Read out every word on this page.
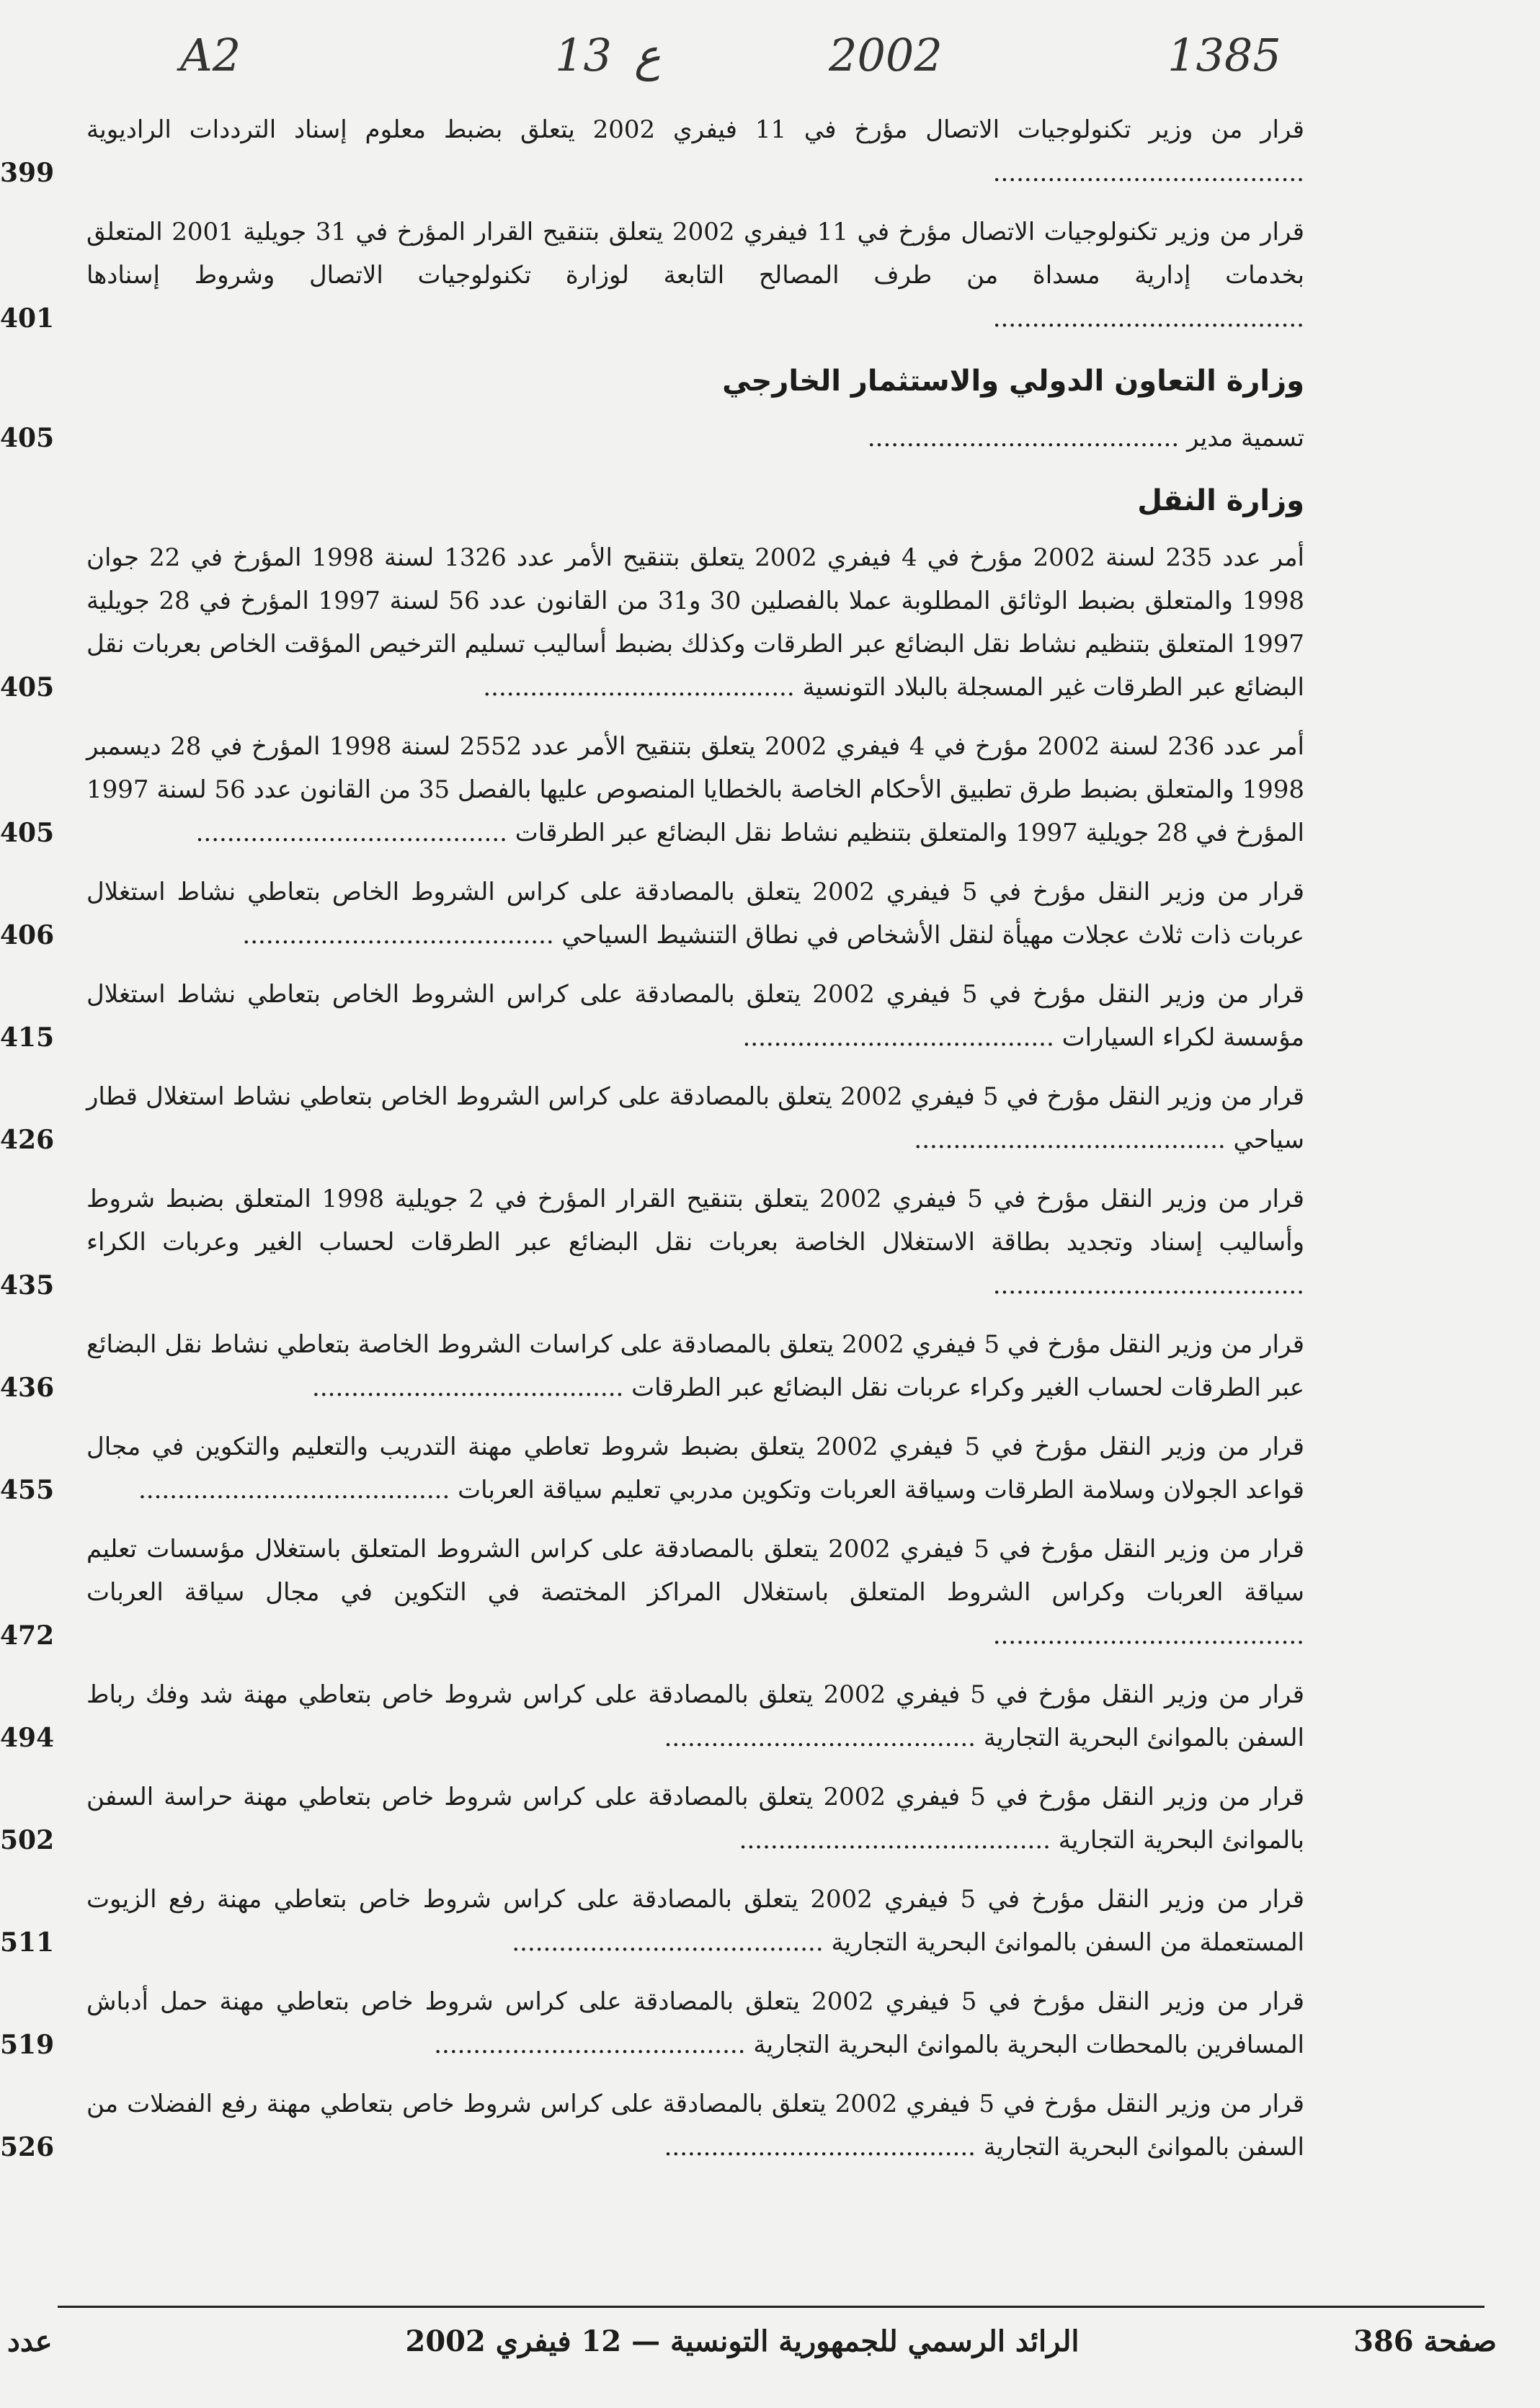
A2	13 ع	2002	1385
قرار من وزير تكنولوجيات الاتصال مؤرخ في 11 فيفري 2002 يتعلق بضبط معلوم إسناد الترددات الراديوية ........................................
399
قرار من وزير تكنولوجيات الاتصال مؤرخ في 11 فيفري 2002 يتعلق بتنقيح القرار المؤرخ في 31 جويلية 2001 المتعلق بخدمات إدارية مسداة من طرف المصالح التابعة لوزارة تكنولوجيات الاتصال وشروط إسنادها ........................................
401
وزارة التعاون الدولي والاستثمار الخارجي
تسمية مدير ........................................
405
وزارة النقل
أمر عدد 235 لسنة 2002 مؤرخ في 4 فيفري 2002 يتعلق بتنقيح الأمر عدد 1326 لسنة 1998 المؤرخ في 22 جوان 1998 والمتعلق بضبط الوثائق المطلوبة عملا بالفصلين 30 و31 من القانون عدد 56 لسنة 1997 المؤرخ في 28 جويلية 1997 المتعلق بتنظيم نشاط نقل البضائع عبر الطرقات وكذلك بضبط أساليب تسليم الترخيص المؤقت الخاص بعربات نقل البضائع عبر الطرقات غير المسجلة بالبلاد التونسية ........................................
405
أمر عدد 236 لسنة 2002 مؤرخ في 4 فيفري 2002 يتعلق بتنقيح الأمر عدد 2552 لسنة 1998 المؤرخ في 28 ديسمبر 1998 والمتعلق بضبط طرق تطبيق الأحكام الخاصة بالخطايا المنصوص عليها بالفصل 35 من القانون عدد 56 لسنة 1997 المؤرخ في 28 جويلية 1997 والمتعلق بتنظيم نشاط نقل البضائع عبر الطرقات ........................................
405
قرار من وزير النقل مؤرخ في 5 فيفري 2002 يتعلق بالمصادقة على كراس الشروط الخاص بتعاطي نشاط استغلال عربات ذات ثلاث عجلات مهيأة لنقل الأشخاص في نطاق التنشيط السياحي ........................................
406
قرار من وزير النقل مؤرخ في 5 فيفري 2002 يتعلق بالمصادقة على كراس الشروط الخاص بتعاطي نشاط استغلال مؤسسة لكراء السيارات ........................................
415
قرار من وزير النقل مؤرخ في 5 فيفري 2002 يتعلق بالمصادقة على كراس الشروط الخاص بتعاطي نشاط استغلال قطار سياحي ........................................
426
قرار من وزير النقل مؤرخ في 5 فيفري 2002 يتعلق بتنقيح القرار المؤرخ في 2 جويلية 1998 المتعلق بضبط شروط وأساليب إسناد وتجديد بطاقة الاستغلال الخاصة بعربات نقل البضائع عبر الطرقات لحساب الغير وعربات الكراء ........................................
435
قرار من وزير النقل مؤرخ في 5 فيفري 2002 يتعلق بالمصادقة على كراسات الشروط الخاصة بتعاطي نشاط نقل البضائع عبر الطرقات لحساب الغير وكراء عربات نقل البضائع عبر الطرقات ........................................
436
قرار من وزير النقل مؤرخ في 5 فيفري 2002 يتعلق بضبط شروط تعاطي مهنة التدريب والتعليم والتكوين في مجال قواعد الجولان وسلامة الطرقات وسياقة العربات وتكوين مدربي تعليم سياقة العربات ........................................
455
قرار من وزير النقل مؤرخ في 5 فيفري 2002 يتعلق بالمصادقة على كراس الشروط المتعلق باستغلال مؤسسات تعليم سياقة العربات وكراس الشروط المتعلق باستغلال المراكز المختصة في التكوين في مجال سياقة العربات ........................................
472
قرار من وزير النقل مؤرخ في 5 فيفري 2002 يتعلق بالمصادقة على كراس شروط خاص بتعاطي مهنة شد وفك رباط السفن بالموانئ البحرية التجارية ........................................
494
قرار من وزير النقل مؤرخ في 5 فيفري 2002 يتعلق بالمصادقة على كراس شروط خاص بتعاطي مهنة حراسة السفن بالموانئ البحرية التجارية ........................................
502
قرار من وزير النقل مؤرخ في 5 فيفري 2002 يتعلق بالمصادقة على كراس شروط خاص بتعاطي مهنة رفع الزيوت المستعملة من السفن بالموانئ البحرية التجارية ........................................
511
قرار من وزير النقل مؤرخ في 5 فيفري 2002 يتعلق بالمصادقة على كراس شروط خاص بتعاطي مهنة حمل أدباش المسافرين بالمحطات البحرية بالموانئ البحرية التجارية ........................................
519
قرار من وزير النقل مؤرخ في 5 فيفري 2002 يتعلق بالمصادقة على كراس شروط خاص بتعاطي مهنة رفع الفضلات من السفن بالموانئ البحرية التجارية ........................................
526
صفحة 386
الرائد الرسمي للجمهورية التونسية — 12 فيفري 2002
عدد
